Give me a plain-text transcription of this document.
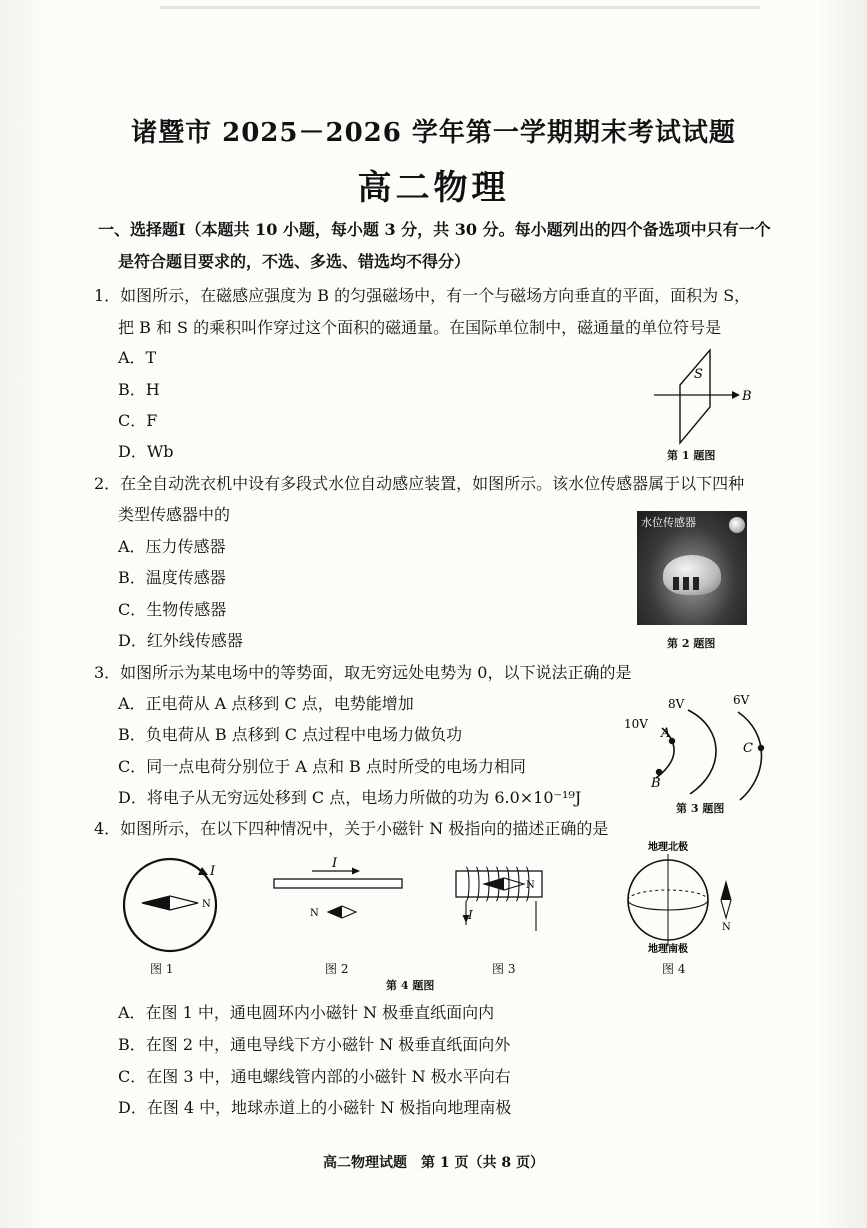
诸暨市 2025－2026 学年第一学期期末考试试题
高二物理
一、选择题Ⅰ（本题共 10 小题，每小题 3 分，共 30 分。每小题列出的四个备选项中只有一个
是符合题目要求的，不选、多选、错选均不得分）
1．如图所示，在磁感应强度为 B 的匀强磁场中，有一个与磁场方向垂直的平面，面积为 S，
把 B 和 S 的乘积叫作穿过这个面积的磁通量。在国际单位制中，磁通量的单位符号是
A．T
B．H
C．F
D．Wb
S
B
第 1 题图
2．在全自动洗衣机中设有多段式水位自动感应装置，如图所示。该水位传感器属于以下四种
类型传感器中的
A．压力传感器
B．温度传感器
C．生物传感器
D．红外线传感器
水位传感器
第 2 题图
3．如图所示为某电场中的等势面，取无穷远处电势为 0，以下说法正确的是
A．正电荷从 A 点移到 C 点，电势能增加
B．负电荷从 B 点移到 C 点过程中电场力做负功
C．同一点电荷分别位于 A 点和 B 点时所受的电场力相同
D．将电子从无穷远处移到 C 点，电场力所做的功为 6.0×10⁻¹⁹J
10V
8V	6V
A
B
C
第 3 题图
4．如图所示，在以下四种情况中，关于小磁针 N 极指向的描述正确的是
I
N
图 1
I
N
图 2
I
N
图 3
地理北极
N
地理南极
图 4
第 4 题图
A．在图 1 中，通电圆环内小磁针 N 极垂直纸面向内
B．在图 2 中，通电导线下方小磁针 N 极垂直纸面向外
C．在图 3 中，通电螺线管内部的小磁针 N 极水平向右
D．在图 4 中，地球赤道上的小磁针 N 极指向地理南极
高二物理试题　第 1 页（共 8 页）
